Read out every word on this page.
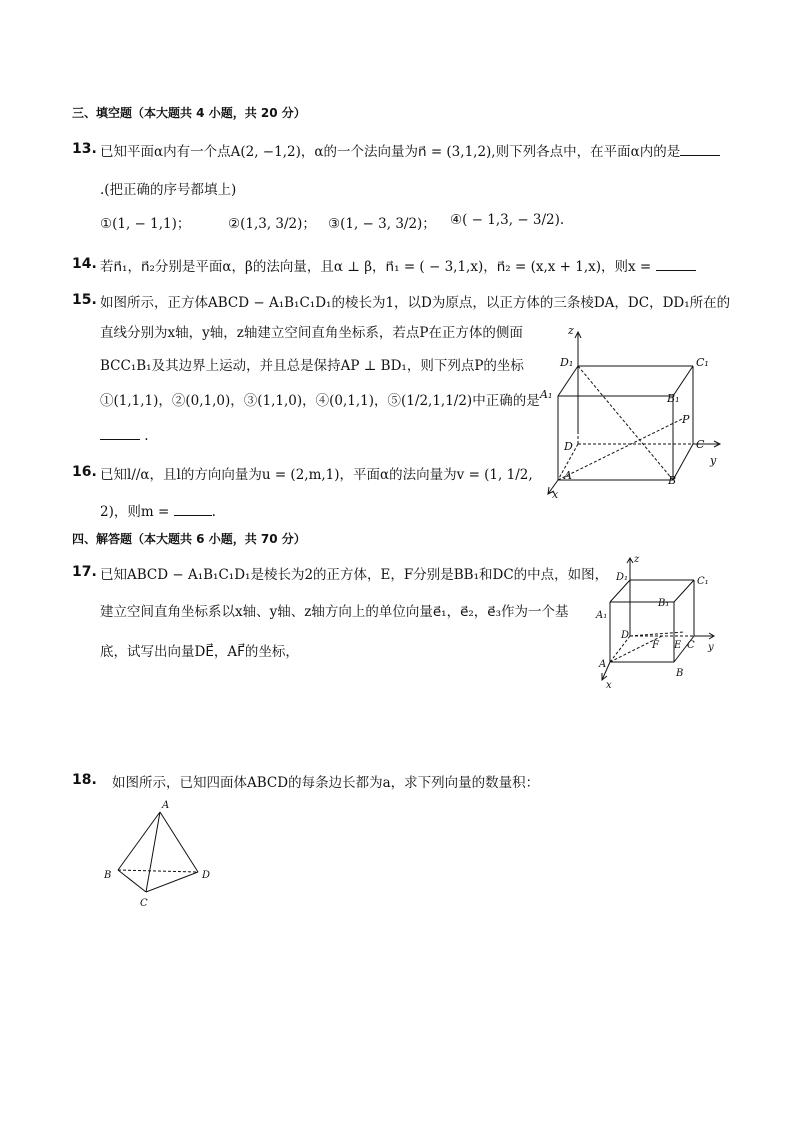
三、填空题（本大题共 4 小题，共 20 分）
13. 已知平面α内有一个点A(2, −1,2)，α的一个法向量为n⃗ = (3,1,2),则下列各点中，在平面α内的是
.(把正确的序号都填上)
①(1, − 1,1)；	②(1,3, 3/2)； ③(1, − 3, 3/2)； ④( − 1,3, − 3/2).
14. 若n⃗₁，n⃗₂分别是平面α，β的法向量，且α ⊥ β，n⃗₁ = ( − 3,1,x)，n⃗₂ = (x,x + 1,x)，则x =
15. 如图所示，正方体ABCD − A₁B₁C₁D₁的棱长为1，以D为原点，以正方体的三条棱DA，DC，DD₁所在的
直线分别为x轴，y轴，z轴建立空间直角坐标系，若点P在正方体的侧面
BCC₁B₁及其边界上运动，并且总是保持AP ⊥ BD₁，则下列点P的坐标
①(1,1,1)，②(0,1,0)，③(1,1,0)，④(0,1,1)，⑤(1/2,1,1/2)中正确的是
.
z
D₁	C₁
A₁	B₁
P
D	C
y
A	B
x
16. 已知l//α，且l的方向向量为u = (2,m,1)，平面α的法向量为v = (1, 1/2,
2)，则m =	.
四、解答题（本大题共 6 小题，共 70 分）
17. 已知ABCD − A₁B₁C₁D₁是棱长为2的正方体，E，F分别是BB₁和DC的中点，如图，
建立空间直角坐标系以x轴、y轴、z轴方向上的单位向量e⃗₁，e⃗₂，e⃗₃作为一个基
底，试写出向量DE⃗，AF⃗的坐标，
z
D₁	C₁
A₁
B₁
D
F E C y
A
B
x
18. 如图所示，已知四面体ABCD的每条边长都为a，求下列向量的数量积：
A
B
C
D
